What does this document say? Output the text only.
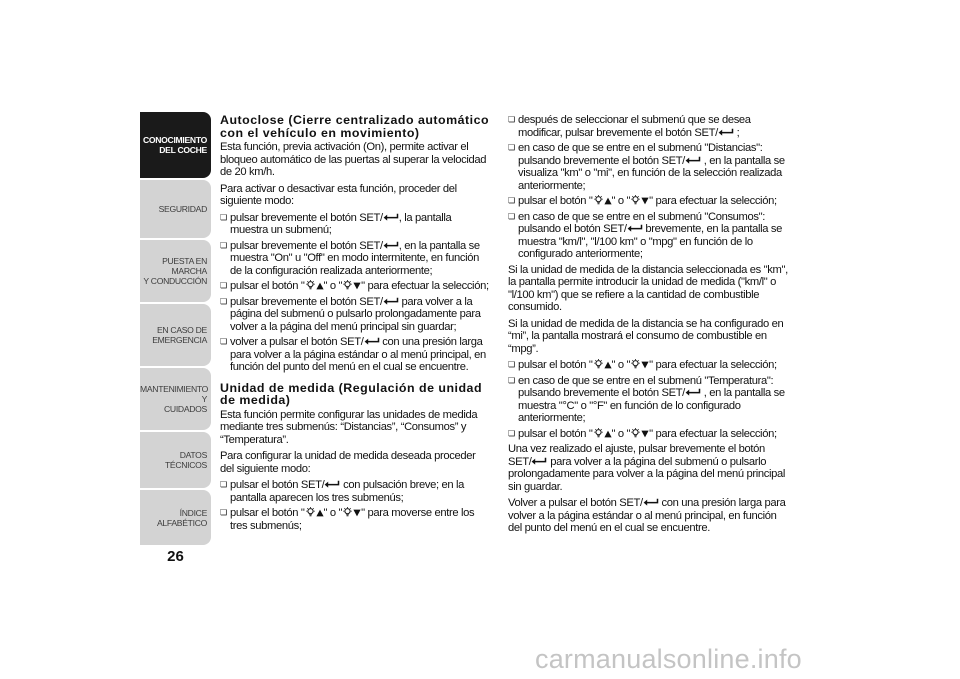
CONOCIMIENTO
DEL COCHE
SEGURIDAD
PUESTA EN MARCHA
Y CONDUCCIÓN
EN CASO DE
EMERGENCIA
MANTENIMIENTO Y
CUIDADOS
DATOS TÉCNICOS
ÍNDICE ALFABÉTICO
26
Autoclose (Cierre centralizado automático con el vehículo en movimiento)

Esta función, previa activación (On), permite activar el bloqueo automático de las puertas al superar la velocidad de 20 km/h.

Para activar o desactivar esta función, proceder del siguiente modo:

❏ pulsar brevemente el botón SET/ , la pantalla muestra un submenú;
❏ pulsar brevemente el botón SET/ , en la pantalla se muestra "On" u "Off" en modo intermitente, en función de la configuración realizada anteriormente;
❏ pulsar el botón " " o " " para efectuar la selección;
❏ pulsar brevemente el botón SET/ para volver a la página del submenú o pulsarlo prolongadamente para volver a la página del menú principal sin guardar;
❏ volver a pulsar el botón SET/ con una presión larga para volver a la página estándar o al menú principal, en función del punto del menú en el cual se encuentre.
Unidad de medida (Regulación de unidad de medida)

Esta función permite configurar las unidades de medida mediante tres submenús: “Distancias”, “Consumos” y “Temperatura”.

Para configurar la unidad de medida deseada proceder del siguiente modo:

❏ pulsar el botón SET/ con pulsación breve; en la pantalla aparecen los tres submenús;
❏ pulsar el botón " " o " " para moverse entre los tres submenús;
❏ después de seleccionar el submenú que se desea modificar, pulsar brevemente el botón SET/ ;
❏ en caso de que se entre en el submenú "Distancias": pulsando brevemente el botón SET/ , en la pantalla se visualiza "km" o "mi", en función de la selección realizada anteriormente;
❏ pulsar el botón " " o " " para efectuar la selección;
❏ en caso de que se entre en el submenú "Consumos": pulsando el botón SET/ brevemente, en la pantalla se muestra "km/l", "l/100 km" o "mpg" en función de lo configurado anteriormente;

Si la unidad de medida de la distancia seleccionada es "km", la pantalla permite introducir la unidad de medida ("km/l" o "l/100 km") que se refiere a la cantidad de combustible consumido.

Si la unidad de medida de la distancia se ha configurado en “mi”, la pantalla mostrará el consumo de combustible en “mpg”.

❏ pulsar el botón " " o " " para efectuar la selección;
❏ en caso de que se entre en el submenú "Temperatura": pulsando brevemente el botón SET/ , en la pantalla se muestra "°C" o "°F" en función de lo configurado anteriormente;
❏ pulsar el botón " " o " " para efectuar la selección;

Una vez realizado el ajuste, pulsar brevemente el botón SET/ para volver a la página del submenú o pulsarlo prolongadamente para volver a la página del menú principal sin guardar.

Volver a pulsar el botón SET/ con una presión larga para volver a la página estándar o al menú principal, en función del punto del menú en el cual se encuentre.

carmanualsonline.info
